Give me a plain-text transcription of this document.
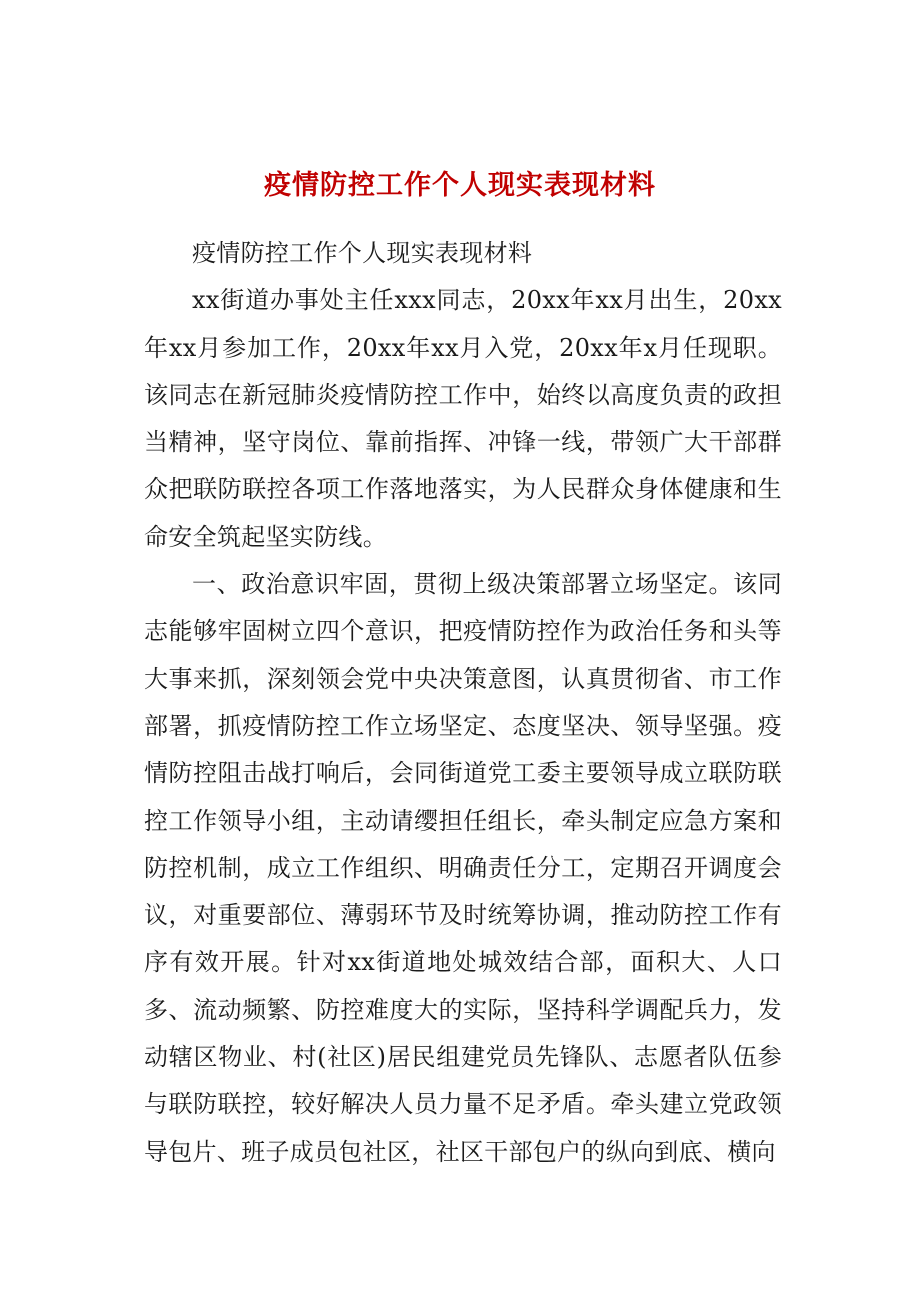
疫情防控工作个人现实表现材料

疫情防控工作个人现实表现材料

xx街道办事处主任xxx同志，20xx年xx月出生，20xx年xx月参加工作，20xx年xx月入党，20xx年x月任现职。该同志在新冠肺炎疫情防控工作中，始终以高度负责的政担当精神，坚守岗位、靠前指挥、冲锋一线，带领广大干部群众把联防联控各项工作落地落实，为人民群众身体健康和生命安全筑起坚实防线。

一、政治意识牢固，贯彻上级决策部署立场坚定。该同志能够牢固树立四个意识，把疫情防控作为政治任务和头等大事来抓，深刻领会党中央决策意图，认真贯彻省、市工作部署，抓疫情防控工作立场坚定、态度坚决、领导坚强。疫情防控阻击战打响后，会同街道党工委主要领导成立联防联控工作领导小组，主动请缨担任组长，牵头制定应急方案和防控机制，成立工作组织、明确责任分工，定期召开调度会议，对重要部位、薄弱环节及时统筹协调，推动防控工作有序有效开展。针对xx街道地处城效结合部，面积大、人口多、流动频繁、防控难度大的实际，坚持科学调配兵力，发动辖区物业、村(社区)居民组建党员先锋队、志愿者队伍参与联防联控，较好解决人员力量不足矛盾。牵头建立党政领导包片、班子成员包社区，社区干部包户的纵向到底、横向
